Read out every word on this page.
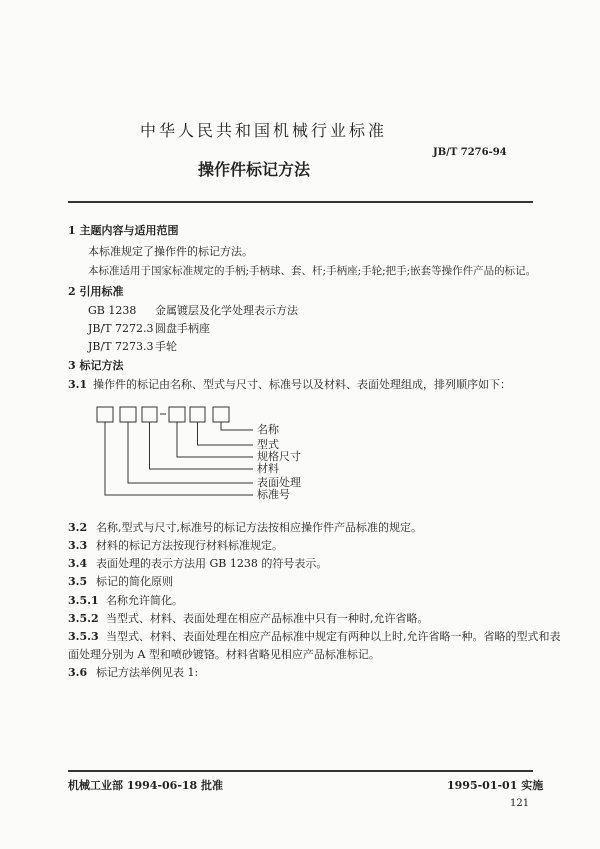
中华人民共和国机械行业标准
JB/T 7276-94
操作件标记方法
1 主题内容与适用范围
本标准规定了操作件的标记方法。
本标准适用于国家标准规定的手柄;手柄球、套、杆;手柄座;手轮;把手;嵌套等操作件产品的标记。
2 引用标准
GB 1238 金属镀层及化学处理表示方法
JB/T 7272.3 圆盘手柄座
JB/T 7273.3 手轮
3 标记方法
3.1 操作件的标记由名称、型式与尺寸、标准号以及材料、表面处理组成，排列顺序如下：
名称
型式
规格尺寸
材料
表面处理
标准号
3.2 名称,型式与尺寸,标准号的标记方法按相应操作件产品标准的规定。
3.3 材料的标记方法按现行材料标准规定。
3.4 表面处理的表示方法用 GB 1238 的符号表示。
3.5 标记的简化原则
3.5.1 名称允许简化。
3.5.2 当型式、材料、表面处理在相应产品标准中只有一种时,允许省略。
3.5.3 当型式、材料、表面处理在相应产品标准中规定有两种以上时,允许省略一种。省略的型式和表
面处理分别为 A 型和喷砂镀铬。材料省略见相应产品标准标记。
3.6 标记方法举例见表 1:
机械工业部 1994-06-18 批准	1995-01-01 实施
121
